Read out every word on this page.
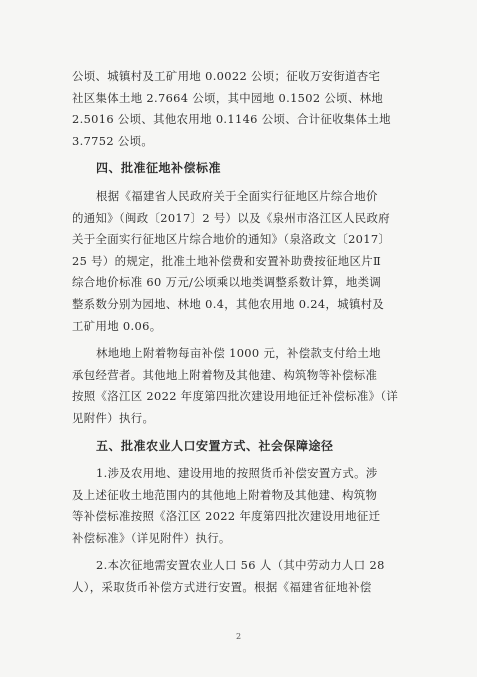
公顷、城镇村及工矿用地 0.0022 公顷；征收万安街道杏宅
社区集体土地 2.7664 公顷，其中园地 0.1502 公顷、林地
2.5016 公顷、其他农用地 0.1146 公顷、合计征收集体土地
3.7752 公顷。
四、批准征地补偿标准
根据《福建省人民政府关于全面实行征地区片综合地价
的通知》（闽政〔2017〕2 号）以及《泉州市洛江区人民政府
关于全面实行征地区片综合地价的通知》（泉洛政文〔2017〕
25 号）的规定，批准土地补偿费和安置补助费按征地区片Ⅱ
综合地价标准 60 万元/公顷乘以地类调整系数计算，地类调
整系数分别为园地、林地 0.4，其他农用地 0.24，城镇村及
工矿用地 0.06。
林地地上附着物每亩补偿 1000 元，补偿款支付给土地
承包经营者。其他地上附着物及其他建、构筑物等补偿标准
按照《洛江区 2022 年度第四批次建设用地征迁补偿标准》（详
见附件）执行。
五、批准农业人口安置方式、社会保障途径
1.涉及农用地、建设用地的按照货币补偿安置方式。涉
及上述征收土地范围内的其他地上附着物及其他建、构筑物
等补偿标准按照《洛江区 2022 年度第四批次建设用地征迁
补偿标准》（详见附件）执行。
2.本次征地需安置农业人口 56 人（其中劳动力人口 28
人），采取货币补偿方式进行安置。根据《福建省征地补偿
2
